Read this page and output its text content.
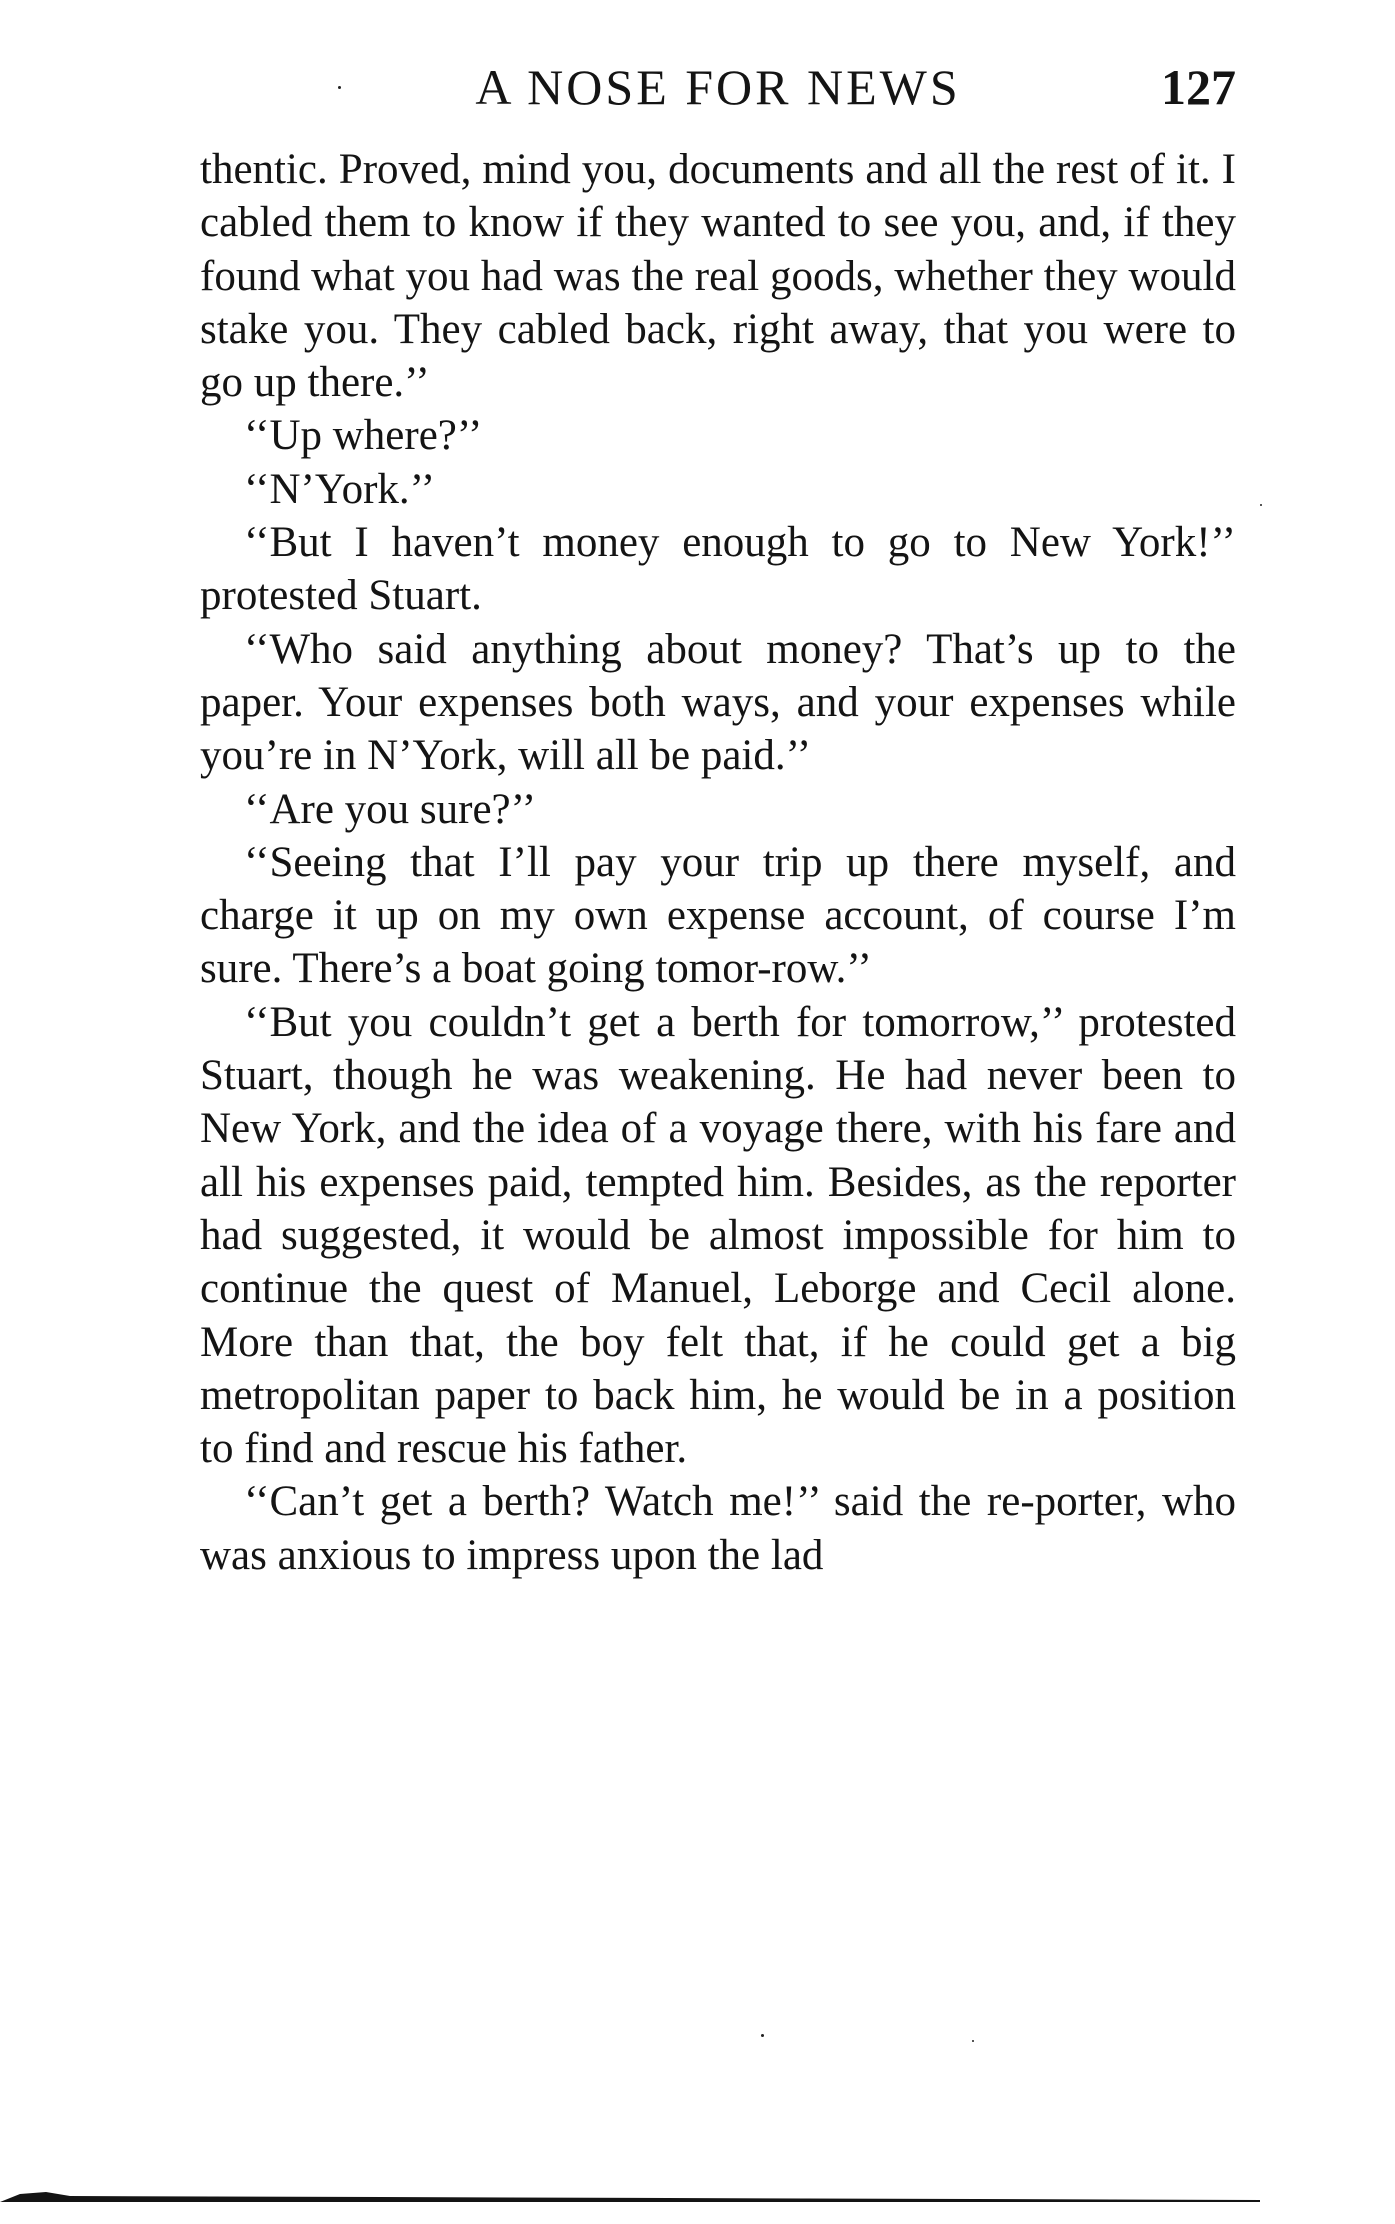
A NOSE FOR NEWS	127

thentic. Proved, mind you, documents and all the rest of it. I cabled them to know if they wanted to see you, and, if they found what you had was the real goods, whether they would stake you. They cabled back, right away, that you were to go up there.’’

‘‘Up where?’’

‘‘N’York.’’

‘‘But I haven’t money enough to go to New York!’’ protested Stuart.

‘‘Who said anything about money? That’s up to the paper. Your expenses both ways, and your expenses while you’re in N’York, will all be paid.’’

‘‘Are you sure?’’

‘‘Seeing that I’ll pay your trip up there myself, and charge it up on my own expense account, of course I’m sure. There’s a boat going tomor-row.’’

‘‘But you couldn’t get a berth for tomorrow,’’ protested Stuart, though he was weakening. He had never been to New York, and the idea of a voyage there, with his fare and all his expenses paid, tempted him. Besides, as the reporter had suggested, it would be almost impossible for him to continue the quest of Manuel, Leborge and Cecil alone. More than that, the boy felt that, if he could get a big metropolitan paper to back him, he would be in a position to find and rescue his father.

‘‘Can’t get a berth? Watch me!’’ said the re-porter, who was anxious to impress upon the lad
